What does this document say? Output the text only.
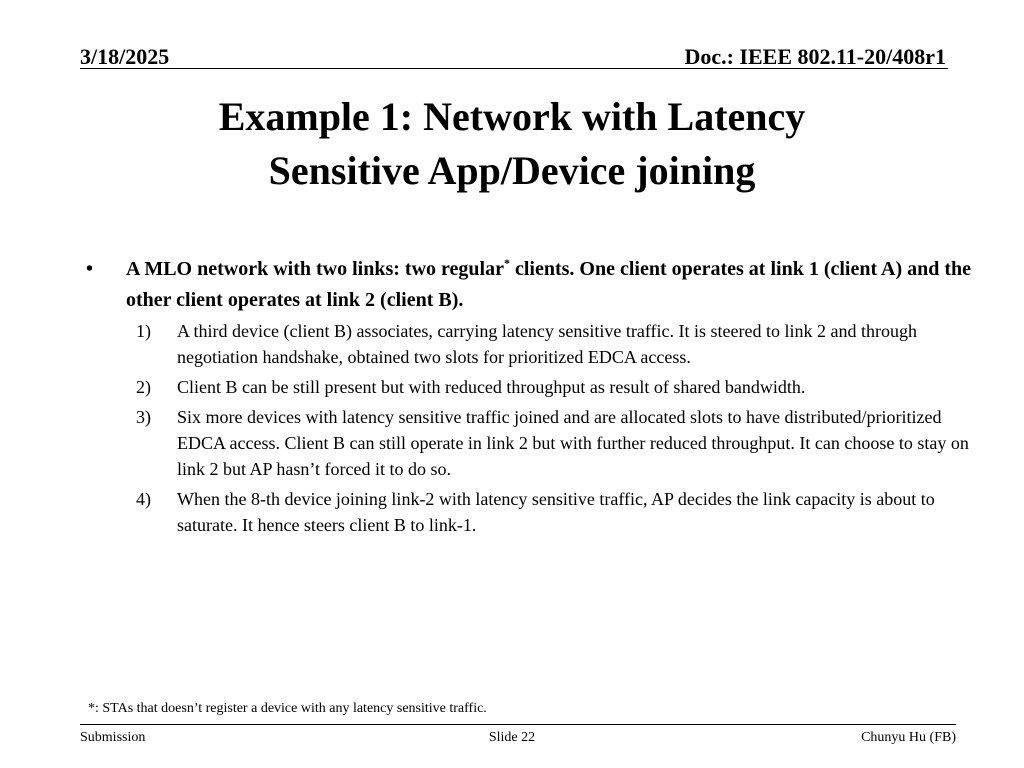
3/18/2025	Doc.: IEEE 802.11-20/408r1
Example 1: Network with Latency
Sensitive App/Device joining
•	A MLO network with two links: two regular* clients. One client operates at link 1 (client A) and the other client operates at link 2 (client B).
1)	A third device (client B) associates, carrying latency sensitive traffic. It is steered to link 2 and through negotiation handshake, obtained two slots for prioritized EDCA access.
2)	Client B can be still present but with reduced throughput as result of shared bandwidth.
3)	Six more devices with latency sensitive traffic joined and are allocated slots to have distributed/prioritized EDCA access. Client B can still operate in link 2 but with further reduced throughput. It can choose to stay on link 2 but AP hasn’t forced it to do so.
4)	When the 8-th device joining link-2 with latency sensitive traffic, AP decides the link capacity is about to saturate. It hence steers client B to link-1.
*: STAs that doesn’t register a device with any latency sensitive traffic.
Submission	Slide 22	Chunyu Hu (FB)
